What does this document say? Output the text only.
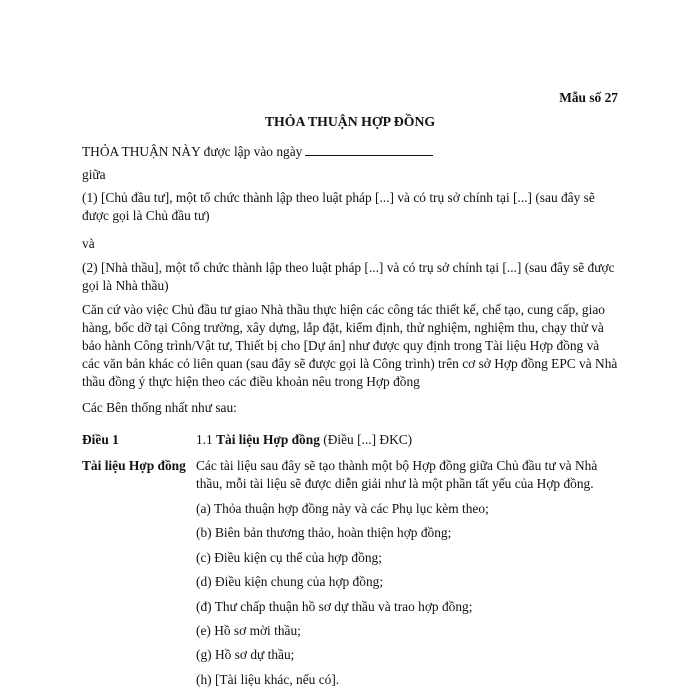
Mẫu số 27
THỎA THUẬN HỢP ĐỒNG
THỎA THUẬN NÀY được lập vào ngày
giữa
(1) [Chủ đầu tư], một tổ chức thành lập theo luật pháp [...] và có trụ sở chính tại [...] (sau đây sẽ được gọi là Chủ đầu tư)
và
(2) [Nhà thầu], một tổ chức thành lập theo luật pháp [...] và có trụ sở chính tại [...] (sau đây sẽ được gọi là Nhà thầu)
Căn cứ vào việc Chủ đầu tư giao Nhà thầu thực hiện các công tác thiết kế, chế tạo, cung cấp, giao hàng, bốc dỡ tại Công trường, xây dựng, lắp đặt, kiểm định, thử nghiệm, nghiệm thu, chạy thử và bảo hành Công trình/Vật tư, Thiết bị cho [Dự án] như được quy định trong Tài liệu Hợp đồng và các văn bản khác có liên quan (sau đây sẽ được gọi là Công trình) trên cơ sở Hợp đồng EPC và Nhà thầu đồng ý thực hiện theo các điều khoản nêu trong Hợp đồng
Các Bên thống nhất như sau:
Điều 1	1.1 Tài liệu Hợp đồng (Điều [...] ĐKC)
Tài liệu Hợp đồng Các tài liệu sau đây sẽ tạo thành một bộ Hợp đồng giữa Chủ đầu tư và Nhà thầu, mỗi tài liệu sẽ được diễn giải như là một phần tất yếu của Hợp đồng.
(a) Thỏa thuận hợp đồng này và các Phụ lục kèm theo;
(b) Biên bản thương thảo, hoàn thiện hợp đồng;
(c) Điều kiện cụ thể của hợp đồng;
(d) Điều kiện chung của hợp đồng;
(đ) Thư chấp thuận hồ sơ dự thầu và trao hợp đồng;
(e) Hồ sơ mời thầu;
(g) Hồ sơ dự thầu;
(h) [Tài liệu khác, nếu có].
